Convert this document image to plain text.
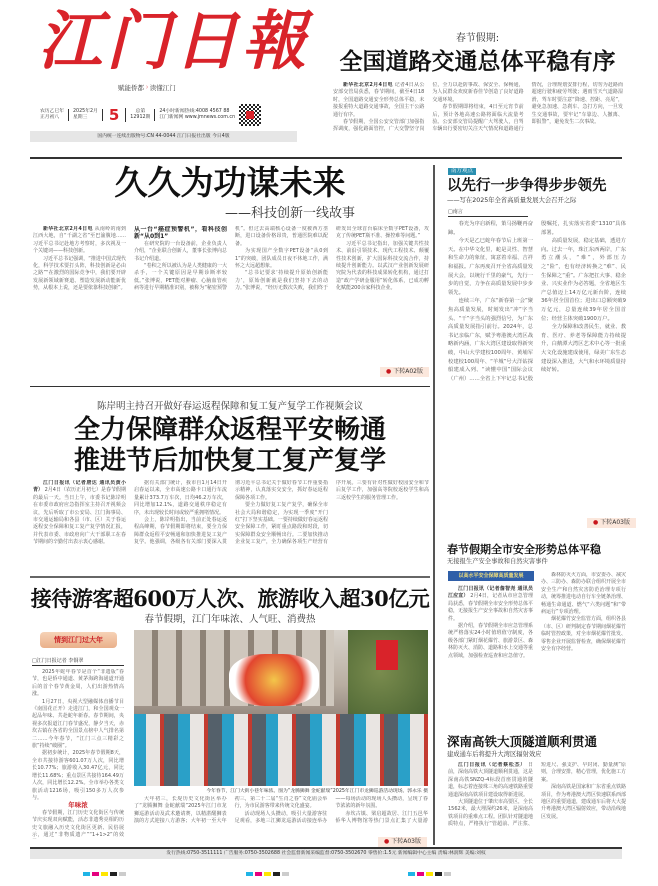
江门日報
赋能侨都 ⁾ 读懂江门
农历乙巳年
正月初八
2025年2月
星期三	5	总第
12912期
24小时新闻热线:4008 4567 88
江门新闻网 www.jmnews.com.cn
国内统一连续出版物号:CN 44-0044 江门日报社出版 今日4版
春节假期:
全国道路交通总体平稳有序

新华社北京2月4日电 记者4日从公安部交管局获悉，春节期间，截至4日18时，全国道路交通安全形势总体平稳，未接报重特大道路交通事故，全国主干公路通行有序。

春节假期，全国公安交管部门加强指挥调度，强化路面管控，广大交警坚守岗位，全力以赴防事故、保安全、保畅通，为人民群众欢度新春佳节创造了良好道路交通环境。

春节假期即将结束，4日至元宵节前后，预计各地高速公路将面临大流量考验。公安部交管局提醒广大驾驶人，自驾车辆出行要密切关注天气情况和道路通行情况，合理规划安排行程，切勿为赶路而超速行驶和疲劳驾驶；遇雨雪天气道路湿滑，驾车时要注意“降速、控距、亮尾”，避免急加速、急刹车、急打方向，一旦发生交通事故，要牢记“车靠边、人撤离、即报警”，避免发生二次事故。

久久为功谋未来
——科技创新一线故事

新华社北京2月4日电 从南岭的南到江西大地，自“千湖之省”至巴渝腹地……习近平总书记赴地方考察时，多次视及一个关键词——科技创新。

习近平总书记强调，“推进中国式现代化，科学技术要打头阵，科技创新是必由之路”“在激烈的国际竞争中，我们要开辟发展新领域新赛道、塑造发展新动能新优势，从根本上说，还是要依靠科技创新”。

从一台“癌症预警机”，看科技创新“从0到1”

在研究院的一台设备前，企业负责人介绍，“企业联合创新人，董事长张博向总书记介绍道。

“卷积之所以被认为是人类健康的一大杀手，一个关键原因是早期诊断率较低。”张博说，PET能对肿瘤、心脑血管疾病等进行早期精准识别，被称为“秘密预警机”。但过去高端核心设备一度被西方垄断，进口设备价格昂贵，普通医院难以配备。

为实现国产全数字PET设备“从0到1”的突破，团队成员日夜不休地工作，满怀之大远超想象。

“总书记要求‘持续提升原始创新能力’，原始创新就是我们坚持下去的动力。”张博说，“经历无数次失败，我们终于研发出全球首台临床全数字PET设备，攻克了传统PET瓶不准、操控难等问题。”

习近平总书记指出，加强关键共性技术、前沿引领技术、现代工程技术、颠覆性技术创新，扩大国际科技交流合作，持续提升创新能力。以武汉产业创新发展研究院为代表的科技成果转化机构，通过打造“政产学研金服用”转化体系，已成功孵化赋能200余家科技企业。

● 下转A02版
陈岸明主持召开做好春运返程保障和复工复产复学工作视频会议
全力保障群众返程平安畅通
推进节后加快复工复产复学

江门日报讯（记者唐达 通讯员黄小青） 2月4日（农历正月初七）是春节假期的最后一天。当日上午，市委书记陈岸明在市委市政府应急指挥室主持召开视频会议，先后听取了市公安局、江门海事局、市交通运输局和各县（市、区）关于春运返程安全保障和复工复产复学情况汇报，并代表市委、市政府向广大干部职工在春节期间的辛勤付出表示衷心感谢。

据有关部门统计，我市自1月14日开启春运以来，全市高速公路卡口通行车流量累计373.7万车次，日均46.2万车次，同比增加12.1%，道路交通秩序稳定有序，未出现较长时间或较严重拥堵情况。

会上，陈岸明指出，当前正处春运返程高峰期，春节假期即将结束，要全力保障群众返程平安畅通和加快推进复工复产复学。他强调，各级各有关部门要深入贯彻习近平总书记关于做好春节工作重要指示精神，认真落实交安全，抓好春运返程保障各项工作。

要全力做好复工复产复学，确保全市社会大局和谐稳定，为实现一季度“开门红”打下坚实基础。一要持续做好春运返程安全保障工作，紧盯重点路段和时段，切实保障群众安全顺畅出行。二要加快推动企业复工复产，全力确保各项生产经营有序开展。三要有针对性做好校园安全和节后复学工作，加强高等院校返校学生和高三返校学生的服务管理工作。

接待游客超600万人次、旅游收入超30亿元
春节假期，江门年味浓、人气旺、消费热
情到江门过大年
□江门日报记者 李铜翠

2025年蛇年春节是首个“非遗版”春节，也是侨中通道、黄茅海跨海通道开通后的首个春节黄金周，人们出游热情高涨。

1月27日，央视大型融媒体直播节目《南国花正开》走进江门，和全国观众一起品年味、共赴蛇年新春。春节期间，央视多次报道江门春节盛况，静夕当天，赤坎古镇在各省的全国景点榜中人气排名第二……今年春节，“江门三点三精彩之旅”持续“破圈”。

据初步统计，2025年春节假期8天，全市共接待游客601.07万人次，同比增长10.77%；旅游收入30.47亿元，同比增长11.68%；重点景区共接待164.49万人次，同比增长12.2%。全市举办各类文旅活动1216场，吸引150多万人次参与。

年味浓

春节假期，江门历史文化街区与传统节庆实现双向赋能，活态非遗秀亮相的历史文旅融入历史文化街区更新、民俗展示，通过“非物质遗产”“1+1>2”的效

今年春节，江门大街小巷年味浓。图为“龙腾狮舞 金蛇献瑞”2025年江门市龙狮巡游活动现场。郭永乐 摄

大年初三，长堤历史文化街区举办了“龙腾狮舞 金蛇献瑞”2025年江门市龙狮巡游活动及武术邀请赛，以精湛醒狮表演的方式迎接八方游客；大年初一至大年初三，第二十二届“生肖之春”文化庙会举行，为市民游客带来传统文化盛宴。

活动现场人头攒动，吸引大量游客驻足观看，多地三江狮龙巡游活动接连举办——每场活动的现场人头攒动，呈现了春节浓浓的新年氛围。

赤坎古镇、梁启超故居、江门五邑华侨华人博物馆等热门景点汇集了大量游

● 下转A03版
南方观点
以先行一步争得步步领先
——写在2025年全省高质量发展大会召开之际
□南言

春光为序启新程，策马扬鞭再奋蹄。

今天是乙巳蛇年春节后上班第一天。在中华文化里，蛇是灵性、智慧和生命力的象征，寓意着幸福、吉祥和福报。广东再度召开全省高质量发展大会，以统行千里的豪气，先行一步的自觉，力争在高质量发展中步步领先。

连续三年，广东“新春第一会”聚焦高质量发展，时刻发出“冲”字当头、“干”字当头的强烈信号，为广东高质量发展指引前行。2024年，总书记亲临广东，赋予粤港澳大湾区战略新内涵，广东大湾区建设取得新突破，中山大学建校100周年、黄埔军校建校100周年、“羊城”号大洋钻探船建成入列、“读懂中国”国际会议（广州）……全省上下牢记总书记殷殷嘱托，扎实落实省委“1310”具体部署。

高质量发展，稳定基础，透进方向。过去一年，珠江东西两岸，广东勇立潮头，“难”，外部压力之“险”，也有经济转换之“难”、民生保障之“重”。广东把扛大事、稳企业、兴实业作为必答题，全省地区生产总值迈上14万亿元新台阶，连续36年居全国首位；进出口总额突破9万亿元，总量连续39年居全国首位；经营主体突破1900万户。

全力保障和改善民生，就业、教育、医疗、养老等保障能力持续提升，白鹅潭大湾区艺术中心等一批重大文化设施建成使用，绿美广东生态建设深入推进，大气和水环境质量持续好转。

● 下转A03版
春节假期全市安全形势总体平稳
无接报生产安全事故和自然灾害事件
以高水平安全保障高质量发展

江门日报讯（记者詹智尧 通讯员江应宣） 2月4日，记者从市应急管理局获悉，春节假期全市安全形势总体平稳，无接报生产安全事故和自然灾害事件。

据介绍，春节假期全市应急管理系统严格落实24小时值班值守制度，各级各部门紧盯烟花爆竹、旅游景区、森林防灭火、消防、道路和水上交通等重点领域，加强检查巡查和应急值守。

森林防灭火方面，市安委办、减灾办、三防办、森防办联合组织开展全市安全生产和自然灾害防范治理专项行动，统筹推进电动自行车全链条治理、畅通生命通道、燃气“六类问题”和“带病运行”专项治理。

烟花爆竹安全监管方面，组织各县（市、区）研判制定春节期间烟花爆竹临时管控政策，对全市烟花爆竹批发、零售企业开展监督检查，确保烟花爆竹安全有序经营。

深南高铁大顶隧道顺利贯通
建成通车后将提升大湾区辐射效应

江门日报讯（记者蔡松杰） 日前，深南高铁大顶隧道顺利贯通，这是深南高铁SNZQ-4标段首座贯通的隧道，标志着连接珠三角的高速铁路重要通道深南高铁项目建设取得新进展。

大顶隧道位于肇庆市高要区，全长1562米，最大埋深约26米，是深南高铁项目的重难点工程。团队针对隧道地质特点，严格执行“管超前、严注浆、短进尺、强支护、早封闭、勤量测”原则，合理安排，精心管理，优化施工方案。

深南高铁是国家和广东省重点铁路项目，作为粤港澳大湾区快速联系西部地区的重要通道，建成通车后将大大提升粤港澳大湾区辐射效应，带动沿线地区发展。

发行热线:0750-3511111 广告服务:0750-3502688 社会监督新闻采编监督:0750-3502670 零售价:1.5元 新闻编辑中心主编 责编:林润辉 美编:刘权
